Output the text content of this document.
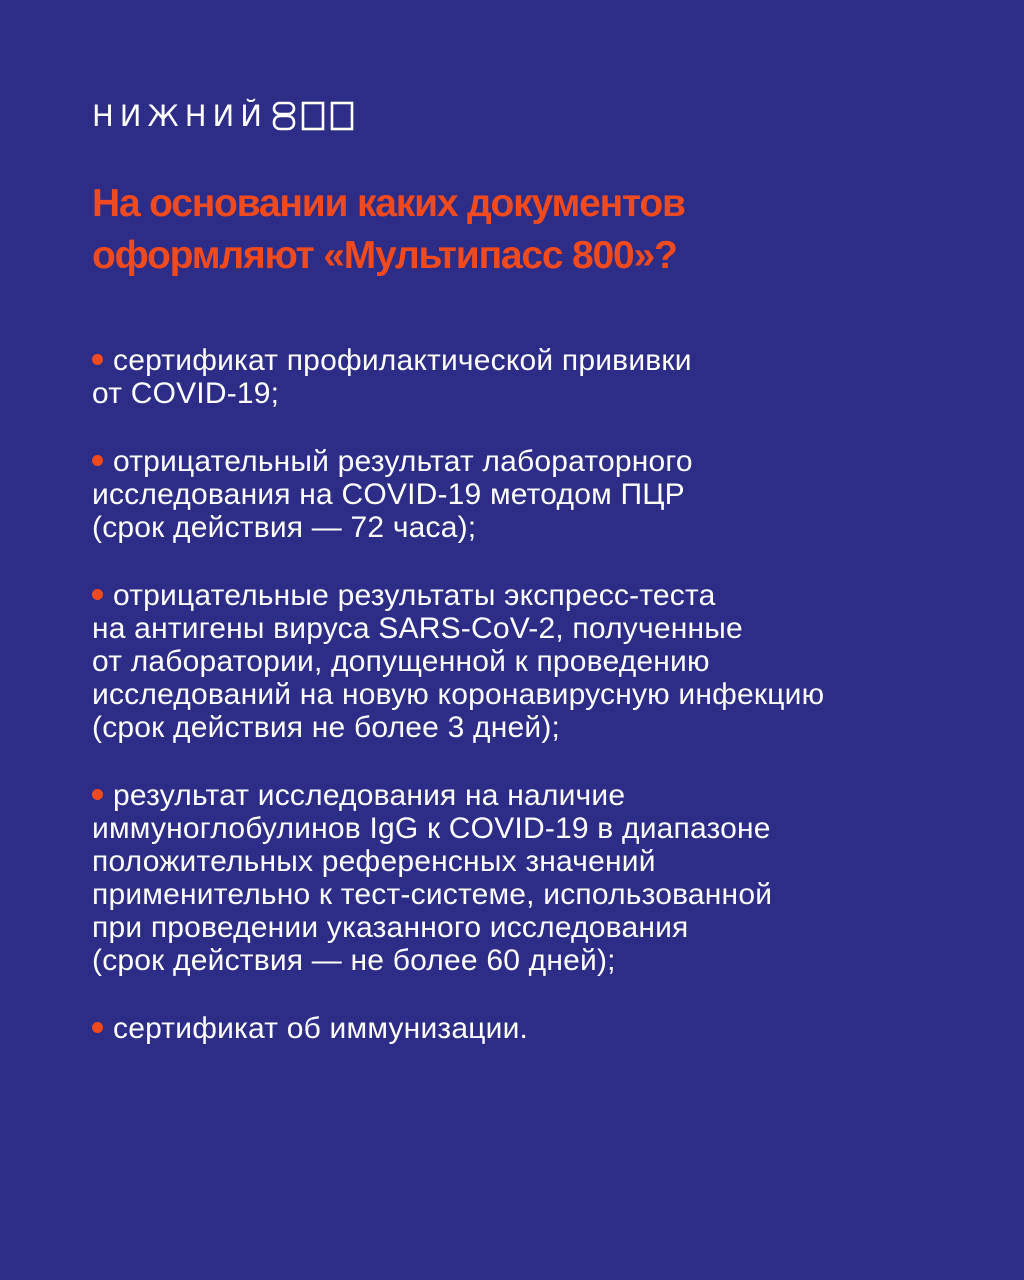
НИЖНИЙ
На основании каких документов
оформляют «Мультипасс 800»?
сертификат профилактической прививки
от COVID-19;
отрицательный результат лабораторного
исследования на COVID-19 методом ПЦР
(срок действия — 72 часа);
отрицательные результаты экспресс-теста
на антигены вируса SARS-CoV-2, полученные
от лаборатории, допущенной к проведению
исследований на новую коронавирусную инфекцию
(срок действия не более 3 дней);
результат исследования на наличие
иммуноглобулинов IgG к COVID-19 в диапазоне
положительных референсных значений
применительно к тест-системе, использованной
при проведении указанного исследования
(срок действия — не более 60 дней);
сертификат об иммунизации.
